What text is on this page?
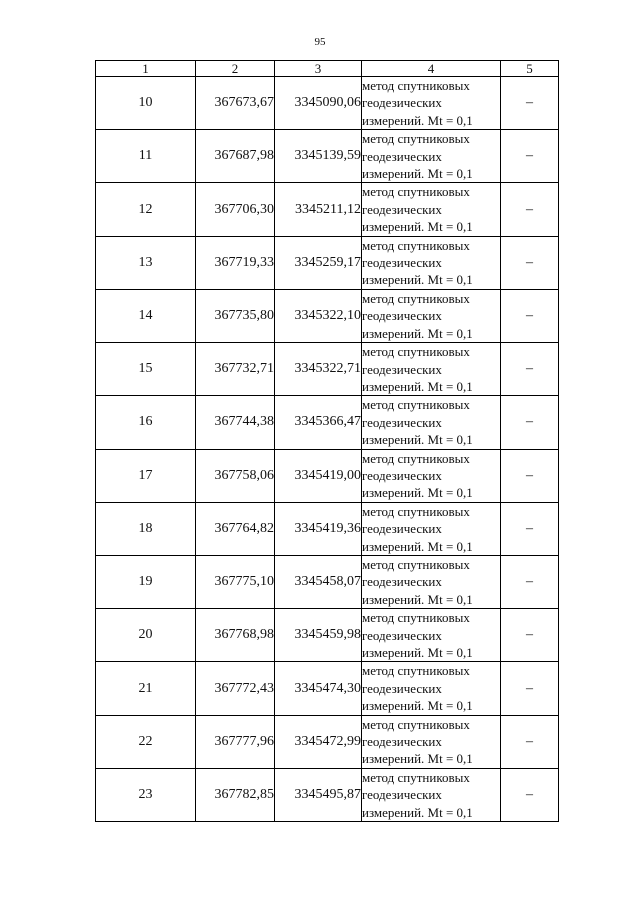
95
1	2	3	4	5
10	367673,67	3345090,06	метод спутниковых геодезических измерений. Mt = 0,1	–
11	367687,98	3345139,59	метод спутниковых геодезических измерений. Mt = 0,1	–
12	367706,30	3345211,12	метод спутниковых геодезических измерений. Mt = 0,1	–
13	367719,33	3345259,17	метод спутниковых геодезических измерений. Mt = 0,1	–
14	367735,80	3345322,10	метод спутниковых геодезических измерений. Mt = 0,1	–
15	367732,71	3345322,71	метод спутниковых геодезических измерений. Mt = 0,1	–
16	367744,38	3345366,47	метод спутниковых геодезических измерений. Mt = 0,1	–
17	367758,06	3345419,00	метод спутниковых геодезических измерений. Mt = 0,1	–
18	367764,82	3345419,36	метод спутниковых геодезических измерений. Mt = 0,1	–
19	367775,10	3345458,07	метод спутниковых геодезических измерений. Mt = 0,1	–
20	367768,98	3345459,98	метод спутниковых геодезических измерений. Mt = 0,1	–
21	367772,43	3345474,30	метод спутниковых геодезических измерений. Mt = 0,1	–
22	367777,96	3345472,99	метод спутниковых геодезических измерений. Mt = 0,1	–
23	367782,85	3345495,87	метод спутниковых геодезических измерений. Mt = 0,1	–
